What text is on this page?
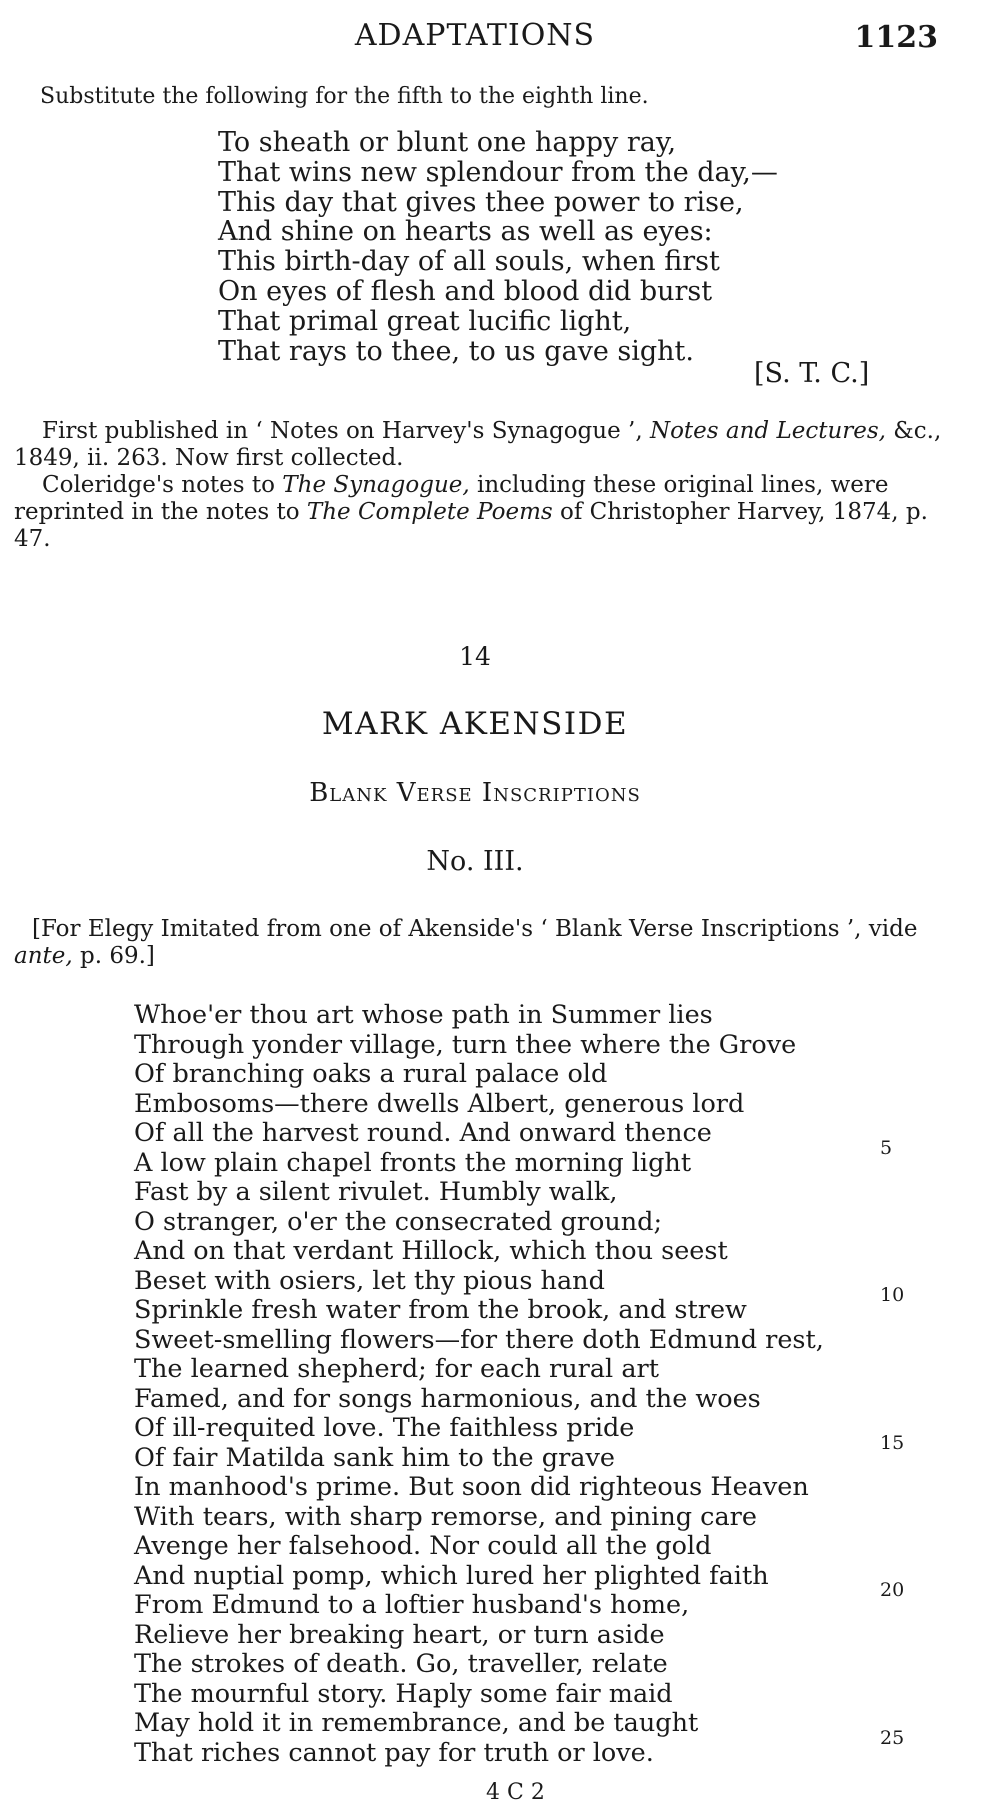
ADAPTATIONS	1123
Substitute the following for the fifth to the eighth line.
To sheath or blunt one happy ray,
That wins new splendour from the day,—
This day that gives thee power to rise,
And shine on hearts as well as eyes:
This birth-day of all souls, when first
On eyes of flesh and blood did burst
That primal great lucific light,
That rays to thee, to us gave sight.
[S. T. C.]

First published in ‘ Notes on Harvey's Synagogue ’, Notes and Lectures, &c., 1849, ii. 263. Now first collected.

Coleridge's notes to The Synagogue, including these original lines, were reprinted in the notes to The Complete Poems of Christopher Harvey, 1874, p. 47.

14
MARK AKENSIDE
Blank Verse Inscriptions
No. III.

[For Elegy Imitated from one of Akenside's ‘ Blank Verse Inscriptions ’, vide ante, p. 69.]

Whoe'er thou art whose path in Summer lies
Through yonder village, turn thee where the Grove
Of branching oaks a rural palace old
Embosoms—there dwells Albert, generous lord
Of all the harvest round. And onward thence
A low plain chapel fronts the morning light
Fast by a silent rivulet. Humbly walk,
O stranger, o'er the consecrated ground;
And on that verdant Hillock, which thou seest
Beset with osiers, let thy pious hand
Sprinkle fresh water from the brook, and strew
Sweet-smelling flowers—for there doth Edmund rest,
The learned shepherd; for each rural art
Famed, and for songs harmonious, and the woes
Of ill-requited love. The faithless pride
Of fair Matilda sank him to the grave
In manhood's prime. But soon did righteous Heaven
With tears, with sharp remorse, and pining care
Avenge her falsehood. Nor could all the gold
And nuptial pomp, which lured her plighted faith
From Edmund to a loftier husband's home,
Relieve her breaking heart, or turn aside
The strokes of death. Go, traveller, relate
The mournful story. Haply some fair maid
May hold it in remembrance, and be taught
That riches cannot pay for truth or love.
5
10
15
20
25
4 C 2
